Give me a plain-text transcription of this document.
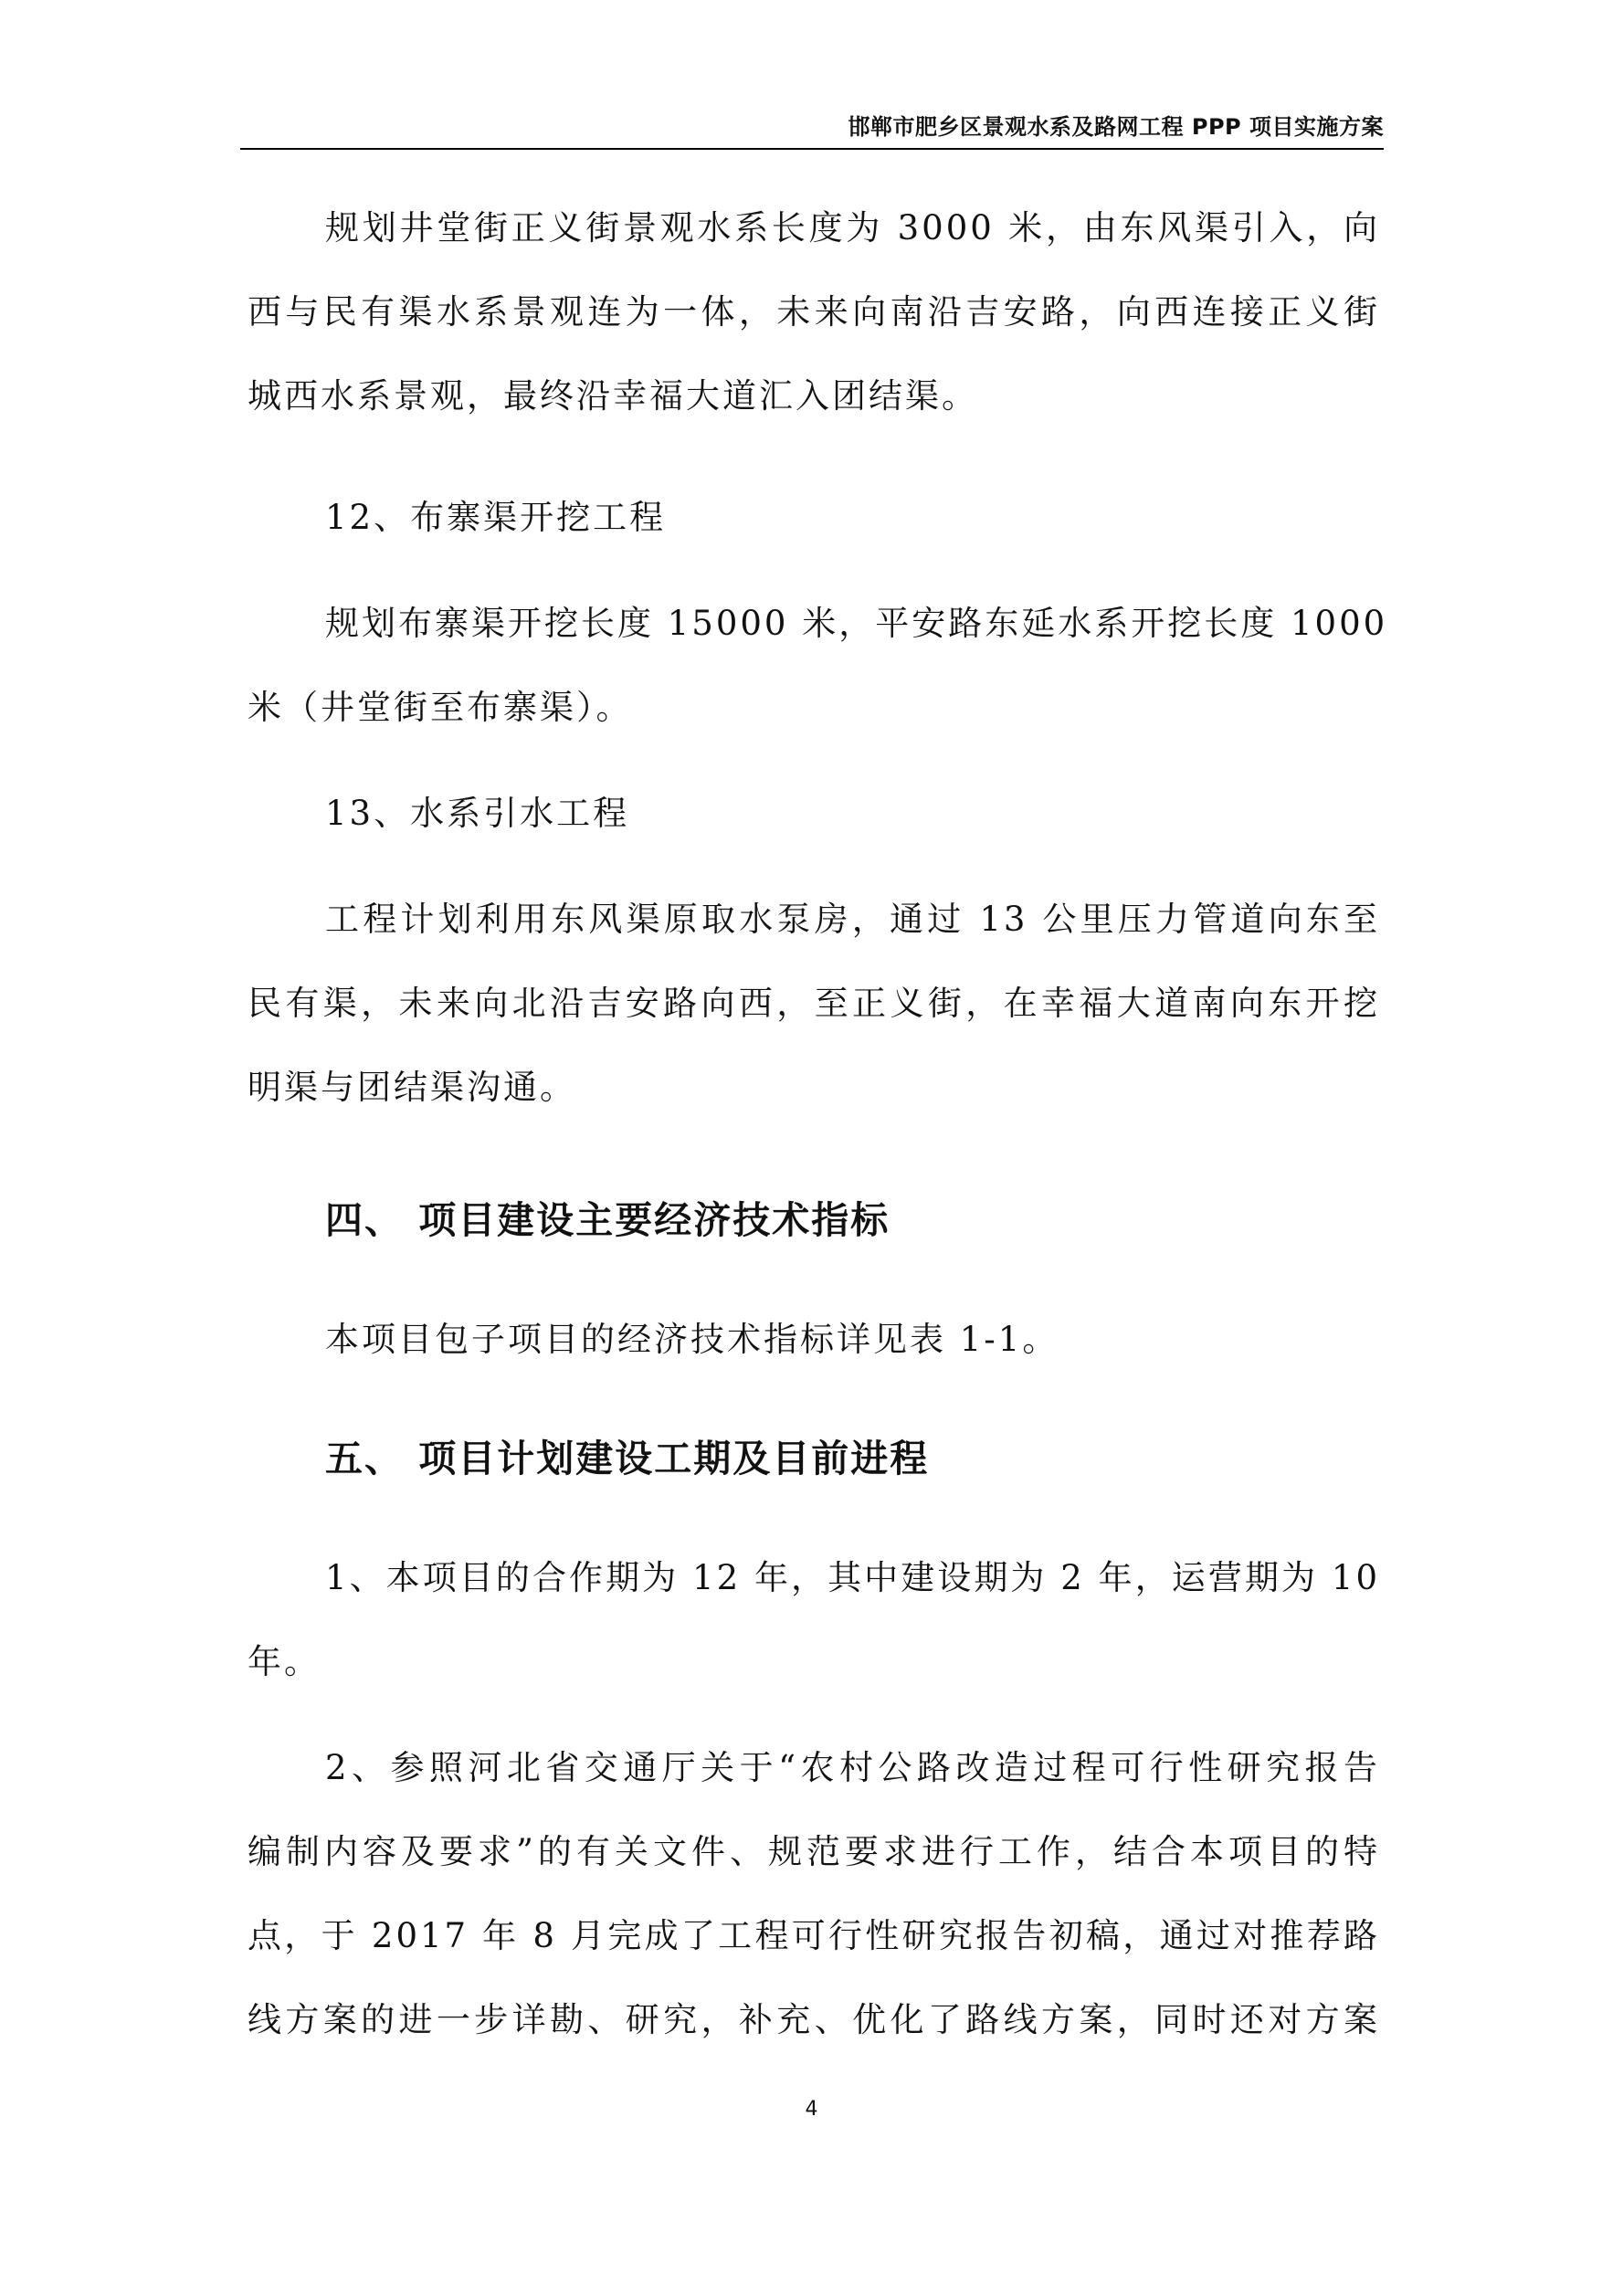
邯郸市肥乡区景观水系及路网工程 PPP 项目实施方案
规划井堂街正义街景观水系长度为 3000 米，由东风渠引入，向
西与民有渠水系景观连为一体，未来向南沿吉安路，向西连接正义街
城西水系景观，最终沿幸福大道汇入团结渠。
12、布寨渠开挖工程
规划布寨渠开挖长度 15000 米，平安路东延水系开挖长度 1000
米（井堂街至布寨渠）。
13、水系引水工程
工程计划利用东风渠原取水泵房，通过 13 公里压力管道向东至
民有渠，未来向北沿吉安路向西，至正义街，在幸福大道南向东开挖
明渠与团结渠沟通。
四、 项目建设主要经济技术指标
本项目包子项目的经济技术指标详见表 1-1。
五、 项目计划建设工期及目前进程
1、本项目的合作期为 12 年，其中建设期为 2 年，运营期为 10
年。
2、参照河北省交通厅关于“农村公路改造过程可行性研究报告
编制内容及要求”的有关文件、规范要求进行工作，结合本项目的特
点，于 2017 年 8 月完成了工程可行性研究报告初稿，通过对推荐路
线方案的进一步详勘、研究，补充、优化了路线方案，同时还对方案
4
